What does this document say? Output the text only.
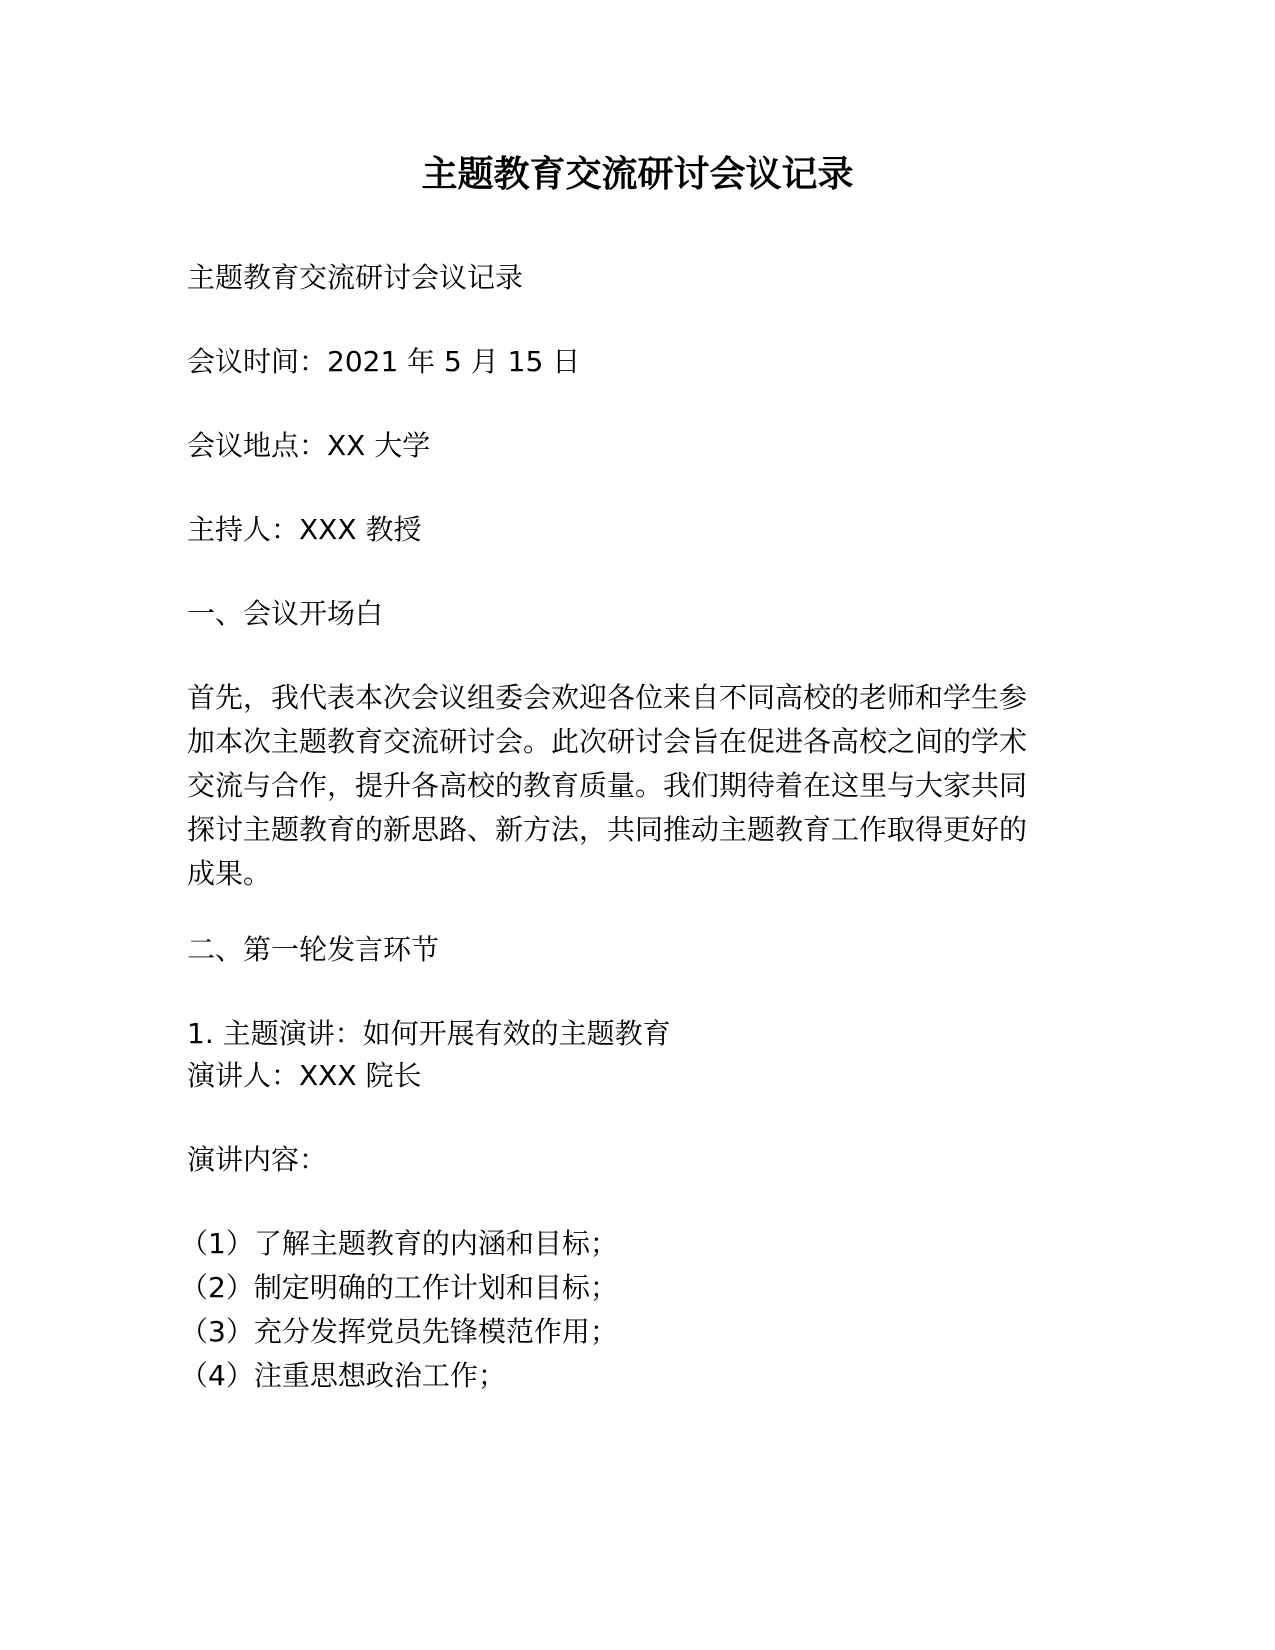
主题教育交流研讨会议记录

主题教育交流研讨会议记录

会议时间：2021 年 5 月 15 日

会议地点：XX 大学

主持人：XXX 教授

一、会议开场白

首先，我代表本次会议组委会欢迎各位来自不同高校的老师和学生参
加本次主题教育交流研讨会。此次研讨会旨在促进各高校之间的学术
交流与合作，提升各高校的教育质量。我们期待着在这里与大家共同
探讨主题教育的新思路、新方法，共同推动主题教育工作取得更好的
成果。

二、第一轮发言环节

1. 主题演讲：如何开展有效的主题教育

演讲人：XXX 院长

演讲内容：

（1）了解主题教育的内涵和目标；
（2）制定明确的工作计划和目标；
（3）充分发挥党员先锋模范作用；
（4）注重思想政治工作；
